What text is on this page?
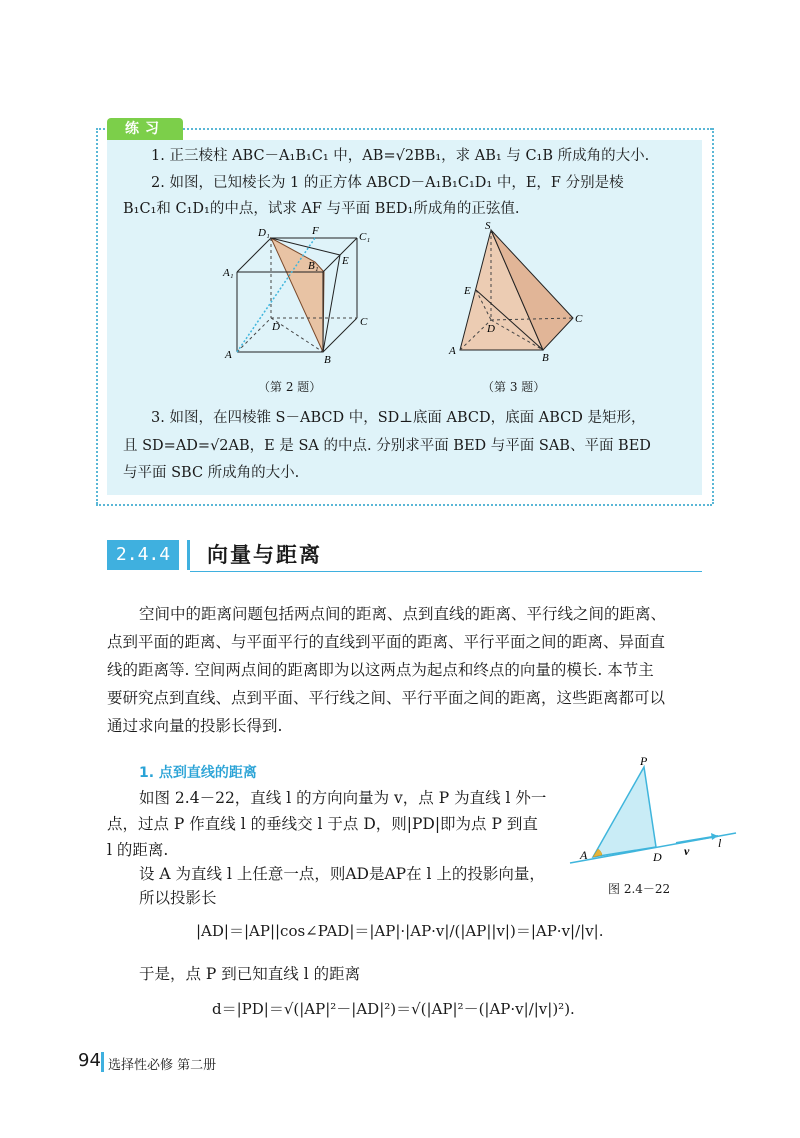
练习
1. 正三棱柱 ABC－A₁B₁C₁ 中，AB=√2BB₁，求 AB₁ 与 C₁B 所成角的大小.
2. 如图，已知棱长为 1 的正方体 ABCD－A₁B₁C₁D₁ 中，E，F 分别是棱
B₁C₁和 C₁D₁的中点，试求 AF 与平面 BED₁所成角的正弦值.
D₁	F	C₁
A₁
B₁ E
D	C
A	B
S
E
D
C
A
B
（第 2 题）	（第 3 题）
3. 如图，在四棱锥 S－ABCD 中，SD⊥底面 ABCD，底面 ABCD 是矩形，
且 SD=AD=√2AB，E 是 SA 的中点. 分别求平面 BED 与平面 SAB、平面 BED
与平面 SBC 所成角的大小.
2.4.4	向量与距离
空间中的距离问题包括两点间的距离、点到直线的距离、平行线之间的距离、
点到平面的距离、与平面平行的直线到平面的距离、平行平面之间的距离、异面直
线的距离等. 空间两点间的距离即为以这两点为起点和终点的向量的模长. 本节主
要研究点到直线、点到平面、平行线之间、平行平面之间的距离，这些距离都可以
通过求向量的投影长得到.
1. 点到直线的距离
如图 2.4－22，直线 l 的方向向量为 v，点 P 为直线 l 外一
点，过点 P 作直线 l 的垂线交 l 于点 D，则|PD|即为点 P 到直
l 的距离.
设 A 为直线 l 上任意一点，则AD是AP在 l 上的投影向量，
所以投影长
P
A	D v
l
图 2.4－22
|AD|＝|AP||cos∠PAD|＝|AP|·|AP·v|/(|AP||v|)＝|AP·v|/|v|.
于是，点 P 到已知直线 l 的距离
d＝|PD|＝√(|AP|²－|AD|²)＝√(|AP|²－(|AP·v|/|v|)²).
94 选择性必修 第二册
